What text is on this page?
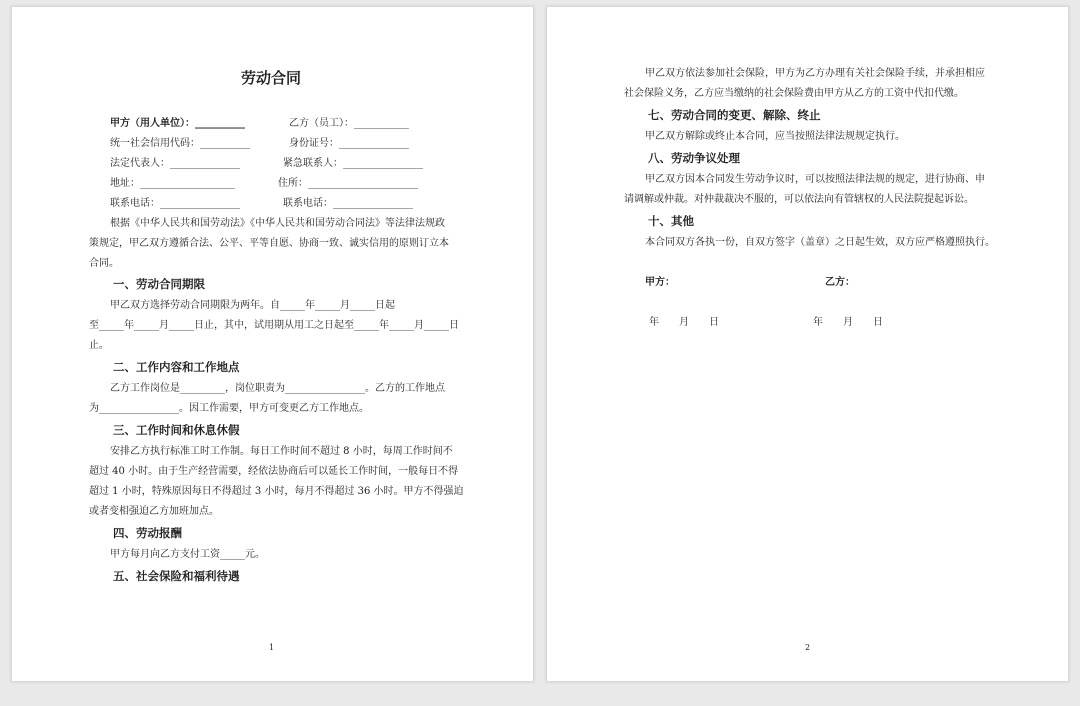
劳动合同
甲方（用人单位）：__________	乙方（员工）：___________
统一社会信用代码：__________	身份证号：______________
法定代表人：______________	紧急联系人：________________
地址：___________________	住所：______________________
联系电话：________________	联系电话：________________
根据《中华人民共和国劳动法》《中华人民共和国劳动合同法》等法律法规政
策规定，甲乙双方遵循合法、公平、平等自愿、协商一致、诚实信用的原则订立本
合同。
一、劳动合同期限
甲乙双方选择劳动合同期限为两年。自_____年_____月_____日起
至_____年_____月_____日止，其中，试用期从用工之日起至_____年_____月_____日
止。
二、工作内容和工作地点
乙方工作岗位是_________，岗位职责为________________。乙方的工作地点
为________________。因工作需要，甲方可变更乙方工作地点。
三、工作时间和休息休假
安排乙方执行标准工时工作制。每日工作时间不超过 8 小时，每周工作时间不
超过 40 小时。由于生产经营需要，经依法协商后可以延长工作时间，一般每日不得
超过 1 小时，特殊原因每日不得超过 3 小时，每月不得超过 36 小时。甲方不得强迫
或者变相强迫乙方加班加点。
四、劳动报酬
甲方每月向乙方支付工资_____元。
五、社会保险和福利待遇
1
甲乙双方依法参加社会保险，甲方为乙方办理有关社会保险手续，并承担相应
社会保险义务，乙方应当缴纳的社会保险费由甲方从乙方的工资中代扣代缴。
七、劳动合同的变更、解除、终止
甲乙双方解除或终止本合同，应当按照法律法规规定执行。
八、劳动争议处理
甲乙双方因本合同发生劳动争议时，可以按照法律法规的规定，进行协商、申
请调解或仲裁。对仲裁裁决不服的，可以依法向有管辖权的人民法院提起诉讼。
十、其他
本合同双方各执一份，自双方签字（盖章）之日起生效，双方应严格遵照执行。
甲方：	乙方：
年　　月　　日	年　　月　　日
2
